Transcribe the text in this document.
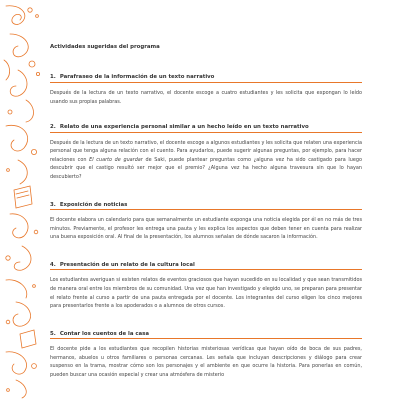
Actividades sugeridas del programa
1. Parafraseo de la información de un texto narrativo

Después de la lectura de un texto narrativo, el docente escoge a cuatro estudiantes y les solicita que expongan lo leído usando sus propias palabras.

2. Relato de una experiencia personal similar a un hecho leído en un texto narrativo

Después de la lectura de un texto narrativo, el docente escoge a algunos estudiantes y les solicita que relaten una experiencia personal que tenga alguna relación con el cuento. Para ayudarlos, puede sugerir algunas preguntas, por ejemplo, para hacer relaciones con El cuarto de guardar de Saki, puede plantear preguntas como ¿alguna vez ha sido castigado para luego descubrir que el castigo resultó ser mejor que el premio? ¿Alguna vez ha hecho alguna travesura sin que lo hayan descubierto?

3. Exposición de noticias

El docente elabora un calendario para que semanalmente un estudiante exponga una noticia elegida por él en no más de tres minutos. Previamente, el profesor les entrega una pauta y les explica los aspectos que deben tener en cuenta para realizar una buena exposición oral. Al final de la presentación, los alumnos señalan de dónde sacaron la información.

4. Presentación de un relato de la cultura local

Los estudiantes averiguan si existen relatos de eventos graciosos que hayan sucedido en su localidad y que sean transmitidos de manera oral entre los miembros de su comunidad. Una vez que han investigado y elegido uno, se preparan para presentar el relato frente al curso a partir de una pauta entregada por el docente. Los integrantes del curso eligen los cinco mejores para presentarlos frente a los apoderados o a alumnos de otros cursos.

5. Contar los cuentos de la casa

El docente pide a los estudiantes que recopilen historias misteriosas verídicas que hayan oído de boca de sus padres, hermanos, abuelos u otros familiares o personas cercanas. Les señala que incluyan descripciones y diálogo para crear suspenso en la trama, mostrar cómo son los personajes y el ambiente en que ocurre la historia. Para ponerlas en común, pueden buscar una ocasión especial y crear una atmósfera de misterio
